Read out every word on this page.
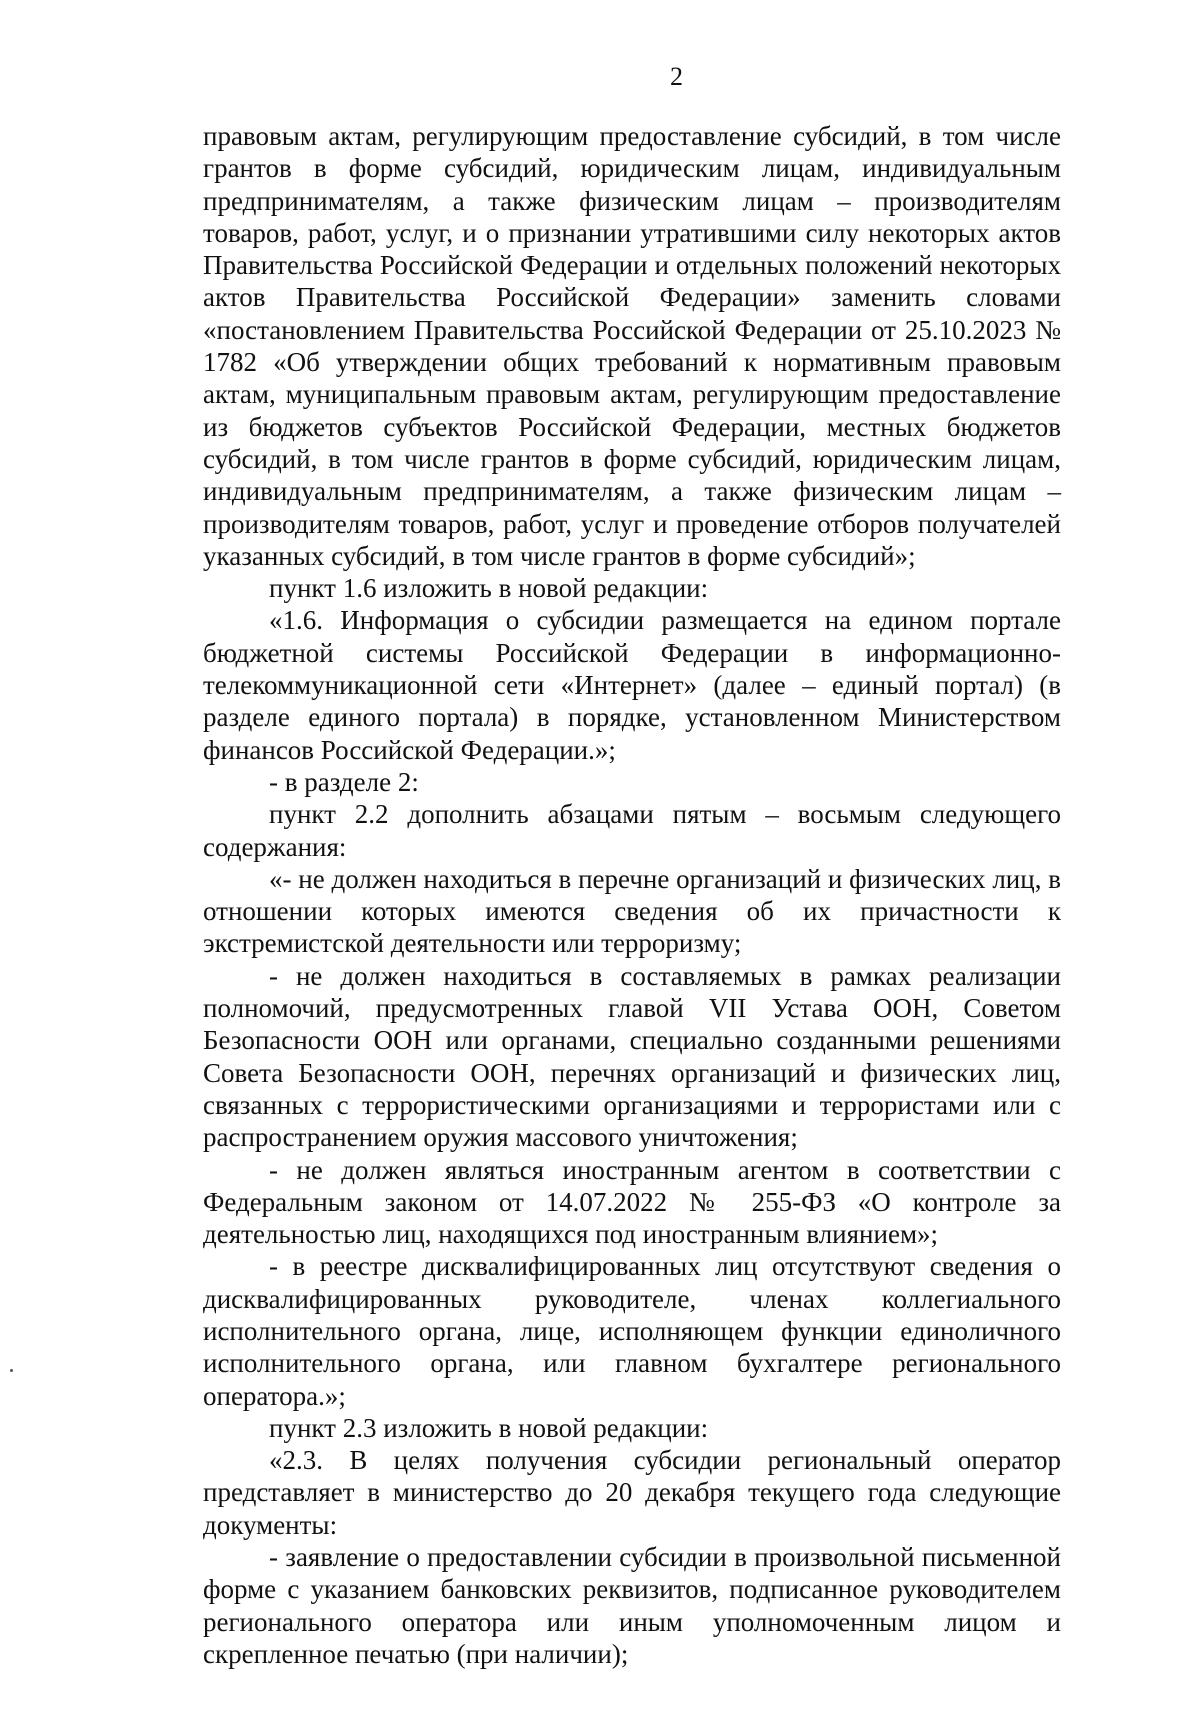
2

правовым актам, регулирующим предоставление субсидий, в том числе грантов в форме субсидий, юридическим лицам, индивидуальным предпринимателям, а также физическим лицам – производителям товаров, работ, услуг, и о признании утратившими силу некоторых актов Правительства Российской Федерации и отдельных положений некоторых актов Правительства Российской Федерации» заменить словами «постановлением Правительства Российской Федерации от 25.10.2023 № 1782 «Об утверждении общих требований к нормативным правовым актам, муниципальным правовым актам, регулирующим предоставление из бюджетов субъектов Российской Федерации, местных бюджетов субсидий, в том числе грантов в форме субсидий, юридическим лицам, индивидуальным предпринимателям, а также физическим лицам – производителям товаров, работ, услуг и проведение отборов получателей указанных субсидий, в том числе грантов в форме субсидий»;

пункт 1.6 изложить в новой редакции:

«1.6. Информация о субсидии размещается на едином портале бюджетной системы Российской Федерации в информационно-телекоммуникационной сети «Интернет» (далее – единый портал) (в разделе единого портала) в порядке, установленном Министерством финансов Российской Федерации.»;

- в разделе 2:

пункт 2.2 дополнить абзацами пятым – восьмым следующего содержания:

«- не должен находиться в перечне организаций и физических лиц, в отношении которых имеются сведения об их причастности к экстремистской деятельности или терроризму;

- не должен находиться в составляемых в рамках реализации полномочий, предусмотренных главой VII Устава ООН, Советом Безопасности ООН или органами, специально созданными решениями Совета Безопасности ООН, перечнях организаций и физических лиц, связанных с террористическими организациями и террористами или с распространением оружия массового уничтожения;

- не должен являться иностранным агентом в соответствии с Федеральным законом от 14.07.2022 № 255-ФЗ «О контроле за деятельностью лиц, находящихся под иностранным влиянием»;

- в реестре дисквалифицированных лиц отсутствуют сведения о дисквалифицированных руководителе, членах коллегиального исполнительного органа, лице, исполняющем функции единоличного исполнительного органа, или главном бухгалтере регионального оператора.»;

пункт 2.3 изложить в новой редакции:

«2.3. В целях получения субсидии региональный оператор представляет в министерство до 20 декабря текущего года следующие документы:

- заявление о предоставлении субсидии в произвольной письменной форме с указанием банковских реквизитов, подписанное руководителем регионального оператора или иным уполномоченным лицом и скрепленное печатью (при наличии);
